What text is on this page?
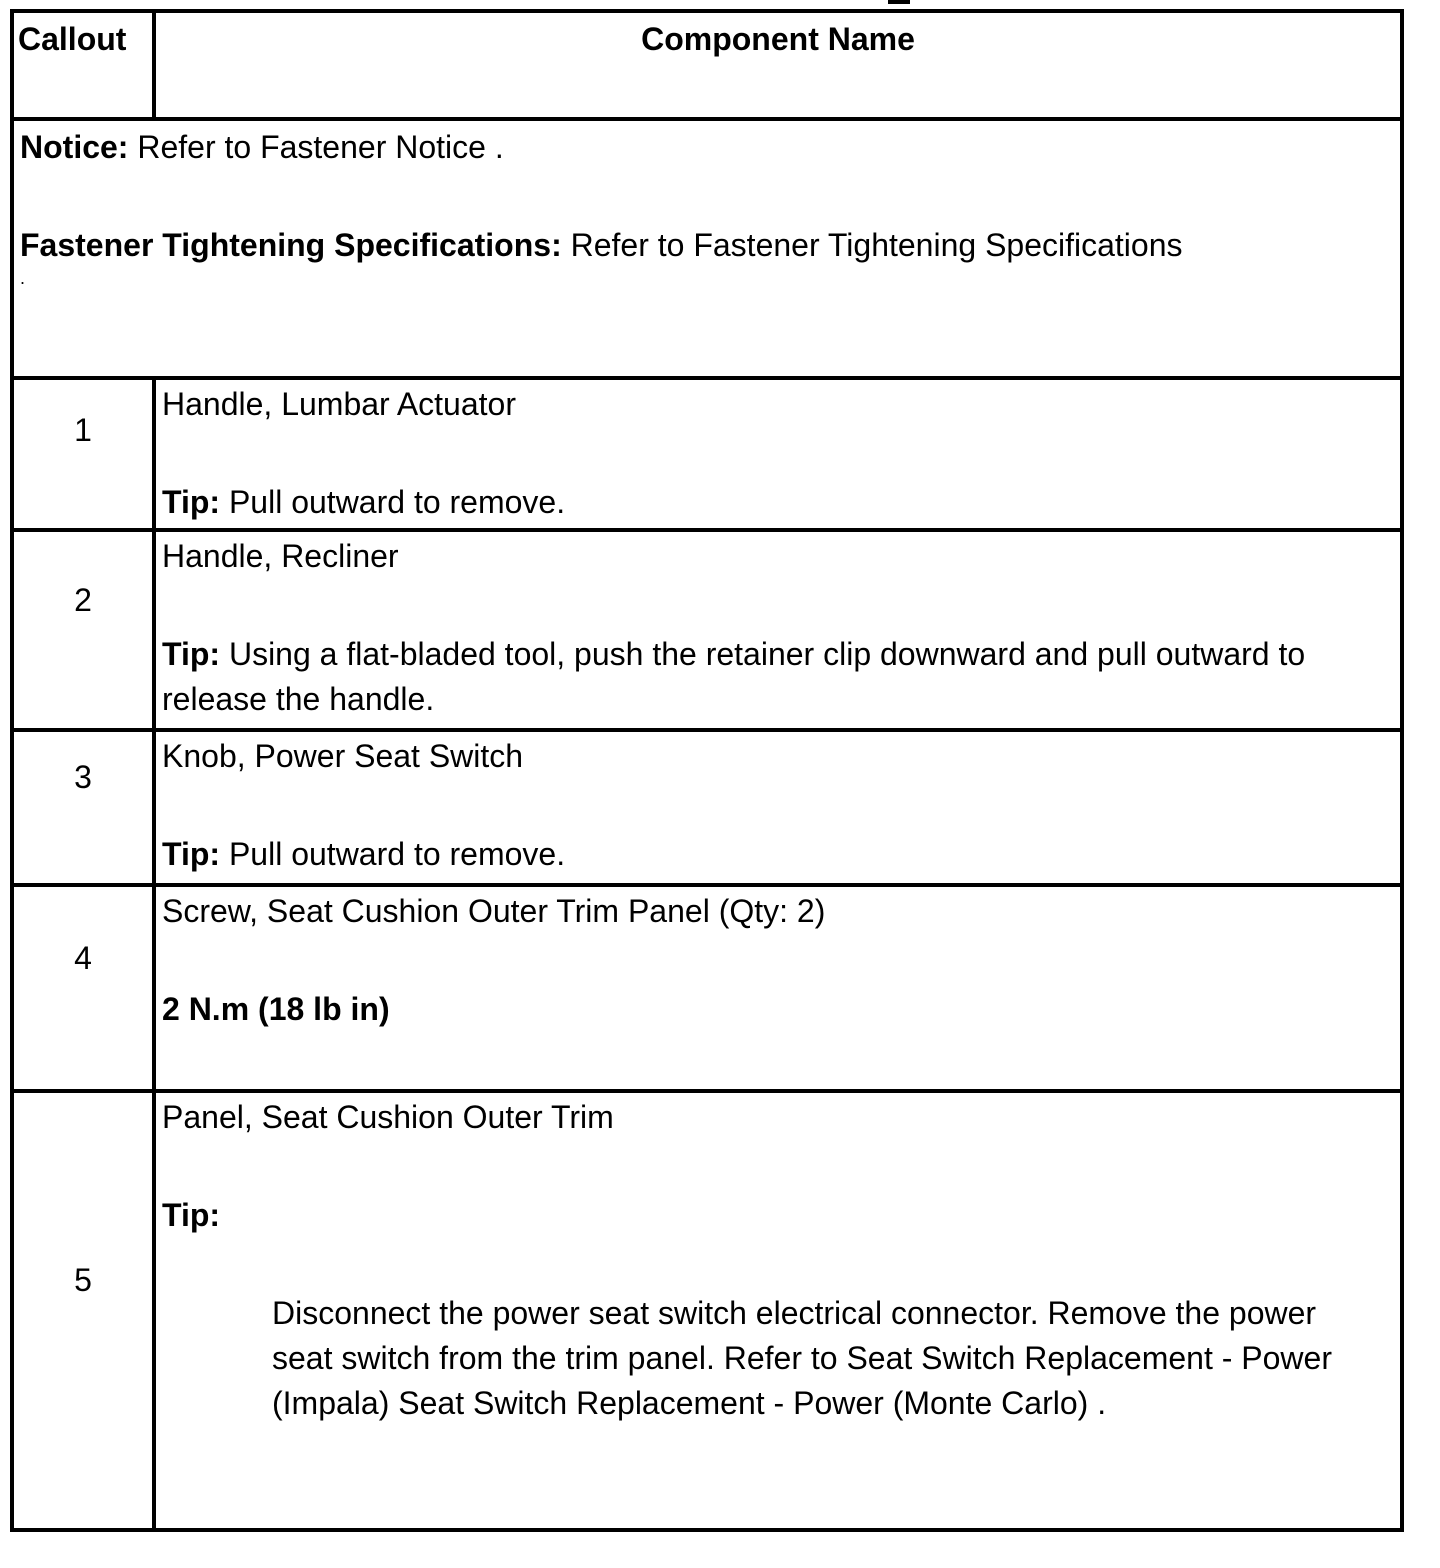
Callout	Component Name

Notice: Refer to Fastener Notice .

Fastener Tightening Specifications: Refer to Fastener Tightening Specifications

.	

1	Handle, Lumbar Actuator

Tip: Pull outward to remove.

2	Handle, Recliner

Tip: Using a flat-bladed tool, push the retainer clip downward and pull outward to release the handle.

3	Knob, Power Seat Switch

Tip: Pull outward to remove.

4	Screw, Seat Cushion Outer Trim Panel (Qty: 2)

2 N.m (18 lb in)

5	Panel, Seat Cushion Outer Trim

Tip:

Disconnect the power seat switch electrical connector. Remove the power seat switch from the trim panel. Refer to Seat Switch Replacement - Power (Impala) Seat Switch Replacement - Power (Monte Carlo) .
